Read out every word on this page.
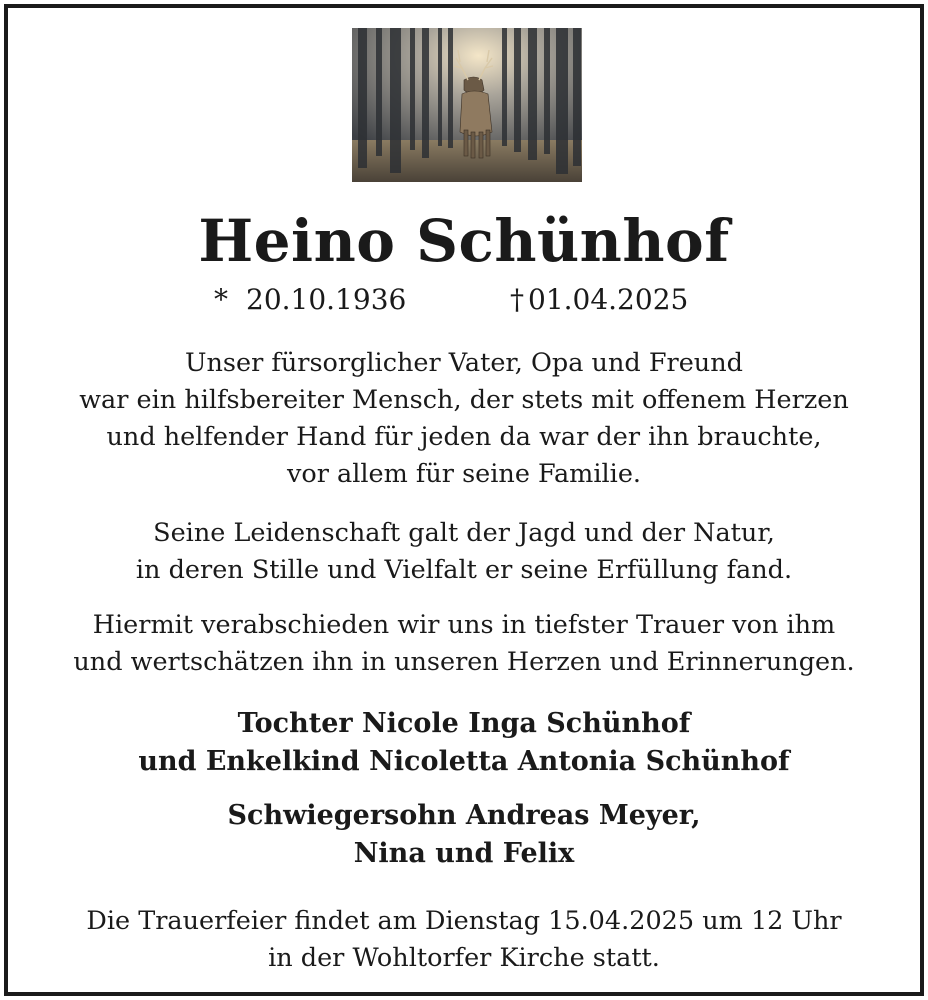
Heino Schünhof
* 20.10.1936	† 01.04.2025
Unser fürsorglicher Vater, Opa und Freund
war ein hilfsbereiter Mensch, der stets mit offenem Herzen
und helfender Hand für jeden da war der ihn brauchte,
vor allem für seine Familie.
Seine Leidenschaft galt der Jagd und der Natur,
in deren Stille und Vielfalt er seine Erfüllung fand.
Hiermit verabschieden wir uns in tiefster Trauer von ihm
und wertschätzen ihn in unseren Herzen und Erinnerungen.
Tochter Nicole Inga Schünhof
und Enkelkind Nicoletta Antonia Schünhof
Schwiegersohn Andreas Meyer,
Nina und Felix
Die Trauerfeier findet am Dienstag 15.04.2025 um 12 Uhr
in der Wohltorfer Kirche statt.
